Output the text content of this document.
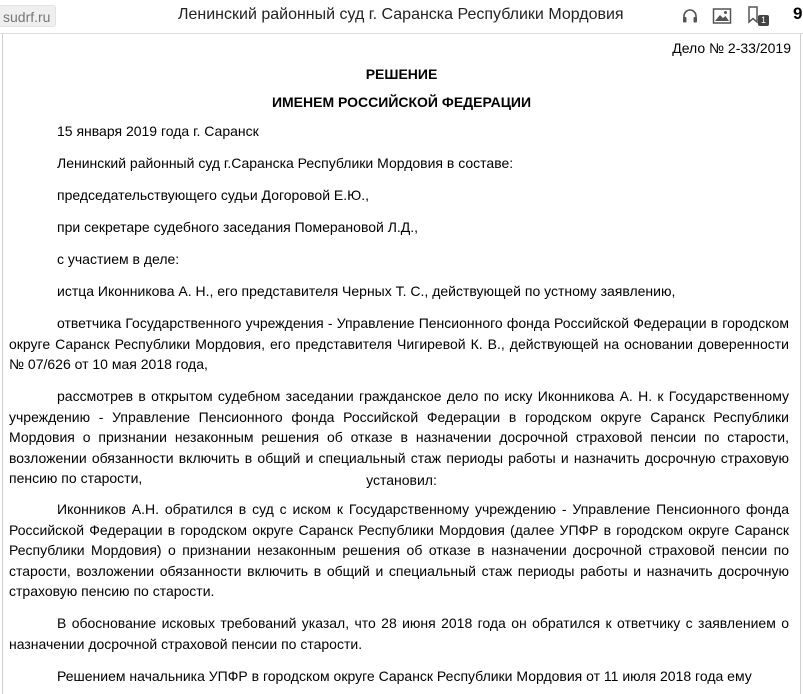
sudrf.ru	Ленинский районный суд г. Саранска Республики Мордовия	1 9
Дело № 2-33/2019
РЕШЕНИЕ
ИМЕНЕМ РОССИЙСКОЙ ФЕДЕРАЦИИ

15 января 2019 года г. Саранск

Ленинский районный суд г.Саранска Республики Мордовия в составе:

председательствующего судьи Догоровой Е.Ю.,

при секретаре судебного заседания Померановой Л.Д.,

с участием в деле:

истца Иконникова А. Н., его представителя Черных Т. С., действующей по устному заявлению,

ответчика Государственного учреждения - Управление Пенсионного фонда Российской Федерации в городском округе Саранск Республики Мордовия, его представителя Чигиревой К. В., действующей на основании доверенности № 07/626 от 10 мая 2018 года,

рассмотрев в открытом судебном заседании гражданское дело по иску Иконникова А. Н. к Государственному учреждению - Управление Пенсионного фонда Российской Федерации в городском округе Саранск Республики Мордовия о признании незаконным решения об отказе в назначении досрочной страховой пенсии по старости, возложении обязанности включить в общий и специальный стаж периоды работы и назначить досрочную страховую пенсию по старости,	установил:

Иконников А.Н. обратился в суд с иском к Государственному учреждению - Управление Пенсионного фонда Российской Федерации в городском округе Саранск Республики Мордовия (далее УПФР в городском округе Саранск Республики Мордовия) о признании незаконным решения об отказе в назначении досрочной страховой пенсии по старости, возложении обязанности включить в общий и специальный стаж периоды работы и назначить досрочную страховую пенсию по старости.

В обоснование исковых требований указал, что 28 июня 2018 года он обратился к ответчику с заявлением о назначении досрочной страховой пенсии по старости.

Решением начальника УПФР в городском округе Саранск Республики Мордовия от 11 июля 2018 года ему
